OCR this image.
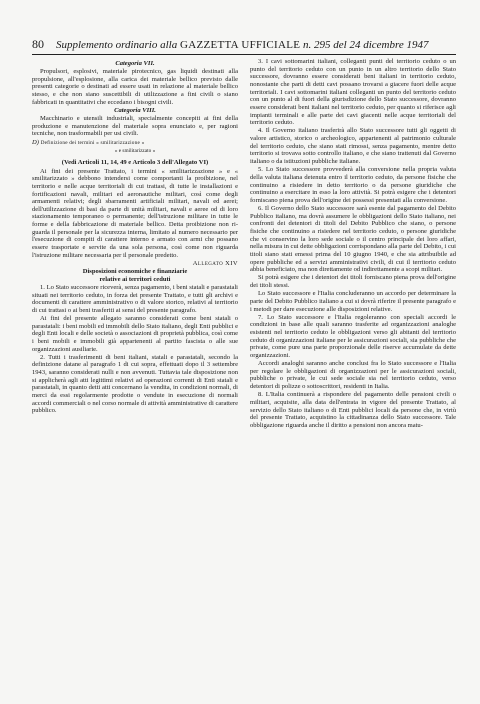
80 Supplemento ordinario alla GAZZETTA UFFICIALE n. 295 del 24 dicembre 1947

Categoria VII.

Propulsori, esplosivi, materiale pirotecnico, gas liquidi destinati alla propulsione, all'esplosione, alla carica dei materiale bellico previsto dalle presenti categorie o destinati ad essere usati in relazione al materiale bellico stesso, e che non siano suscettibili di utilizzazione a fini civili o siano fabbricati in quantitativi che eccedano i bisogni civili.

Categoria VIII.

Macchinario e utensili industriali, specialmente concepiti ai fini della produzione e manutenzione del materiale sopra enunciato e, per ragioni tecniche, non trasformabili per usi civili.

D) Definizione dei termini « smilitarizzazione »

« e smilitarizzato »

(Vedi Articoli 11, 14, 49 e Articolo 3 dell'Allegato VI)

Ai fini dei presente Trattato, i termini « smilitarizzazione » e « smilitarizzato » debbono intendersi come comportanti la proibizione, nel territorio e nelle acque territoriali di cui trattasi, di tutte le installazioni e fortificazioni navali, militari ed aeronautiche militari, così come degli armamenti relativi; degli sbarramenti artificiali militari, navali ed aerei; dell'utilizzazione di basi da parte di unità militari, navali e aeree od di loro stazionamento temporaneo o permanente; dell'istruzione militare in tutte le forme e della fabbricazione di materiale bellico. Detta proibizione non riguarda il personale per la sicurezza interna, limitato al numero necessario per l'esecuzione di compiti di carattere interno e armato con armi che possano essere trasportate e servite da una sola persona, così come non riguarda l'istruzione militare necessaria per il personale predetto.

Allegato XIV

Disposizioni economiche e finanziarie

relative ai territori ceduti

1. Lo Stato successore riceverà, senza pagamento, i beni statali e parastatali situati nei territorio ceduto, in forza dei presente Trattato, e tutti gli archivi e documenti di carattere amministrativo o di valore storico, relativi al territorio di cui trattasi o ai beni trasferiti ai sensi del presente paragrafo.

Ai fini del presente allegato saranno considerati come beni statali o parastatali: i beni mobili ed immobili dello Stato italiano, degli Enti pubblici e degli Enti locali e delle società o associazioni di proprietà pubblica, così come i beni mobili e immobili già appartenenti al partito fascista o alle sue organizzazioni ausiliarie.

2. Tutti i trasferimenti di beni italiani, statali e parastatali, secondo la definizione datane al paragrafo 1 di cui sopra, effettuati dopo il 3 settembre 1943, saranno considerati nulli e non avvenuti. Tuttavia tale disposizione non si applicherà agli atti legittimi relativi ad operazioni correnti di Enti statali e parastatali, in quanto detti atti concernano la vendita, in condizioni normali, di merci da essi regolarmente prodotte o vendute in esecuzione di normali accordi commerciali o nel corso normale di attività amministrative di carattere pubblico.

3. I cavi sottomarini italiani, colleganti punti del territorio ceduto o un punto del territorio ceduto con un punto in un altro territorio dello Stato successore, dovranno essere considerati beni italiani in territorio ceduto, nonostante che parti di detti cavi possano trovarsi a giacere fuori delle acque territoriali. I cavi sottomarini italiani colleganti un punto del territorio ceduto con un punto al di fuori della giurisdizione dello Stato successore, dovranno essere considerati beni italiani nel territorio ceduto, per quanto si riferisce agli impianti terminali e alle parte dei cavi giacenti nelle acque territoriali del territorio ceduto.

4. Il Governo italiano trasferirà allo Stato successore tutti gli oggetti di valore artistico, storico o archeologico, appartenenti al patrimonio culturale del territorio ceduto, che siano stati rimossi, senza pagamento, mentre detto territorio si trovava sotto controllo italiano, e che siano trattenuti dal Governo italiano o da istituzioni pubbliche italiane.

5. Lo Stato successore provvederà alla conversione nella propria valuta della valuta italiana detenuta entro il territorio ceduto, da persone fisiche che continuino a risiedere in detto territorio o da persone giuridiche che continuino a esercitare in esso la loro attività. Si potrà esigere che i detentori forniscano piena prova dell'origine dei possessi presentati alla conversione.

6. Il Governo dello Stato successore sarà esente dal pagamento del Debito Pubblico italiano, ma dovrà assumere le obbligazioni dello Stato italiano, nei confronti dei detentori di titoli del Debito Pubblico che siano, o persone fisiche che continuino a risiedere nel territorio ceduto, o persone giuridiche che vi conservino la loro sede sociale o il centro principale dei loro affari, nella misura in cui dette obbligazioni corrispondano alla parte del Debito, i cui titoli siano stati emessi prima del 10 giugno 1940, e che sia attribuibile ad opere pubbliche ed a servizi amministrativi civili, di cui il territorio ceduto abbia beneficiato, ma non direttamente od indirettamente a scopi militari.

Si potrà esigere che i detentori dei titoli forniscano piena prova dell'origine dei titoli stessi.

Lo Stato successore e l'Italia concluderanno un accordo per determinare la parte del Debito Pubblico italiano a cui si dovrà riferire il presente paragrafo e i metodi per dare esecuzione alle disposizioni relative.

7. Lo Stato successore e l'Italia regoleranno con speciali accordi le condizioni in base alle quali saranno trasferite ad organizzazioni analoghe esistenti nel territorio ceduto le obbligazioni verso gli abitanti del territorio ceduto di organizzazioni italiane per le assicurazioni sociali, sia pubbliche che private, come pure una parte proporzionale delle riserve accumulate da dette organizzazioni.

Accordi analoghi saranno anche conclusi fra lo Stato successore e l'Italia per regolare le obbligazioni di organizzazioni per le assicurazioni sociali, pubbliche o private, le cui sede sociale sia nel territorio ceduto, verso detentori di polizze o sottoscrittori, residenti in Italia.

8. L'Italia continuerà a rispondere del pagamento delle pensioni civili o militari, acquisite, alla data dell'entrata in vigore del presente Trattato, al servizio dello Stato italiano o di Enti pubblici locali da persone che, in virtù del presente Trattato, acquistino la cittadinanza dello Stato successore. Tale obbligazione riguarda anche il diritto a pensioni non ancora matu-
